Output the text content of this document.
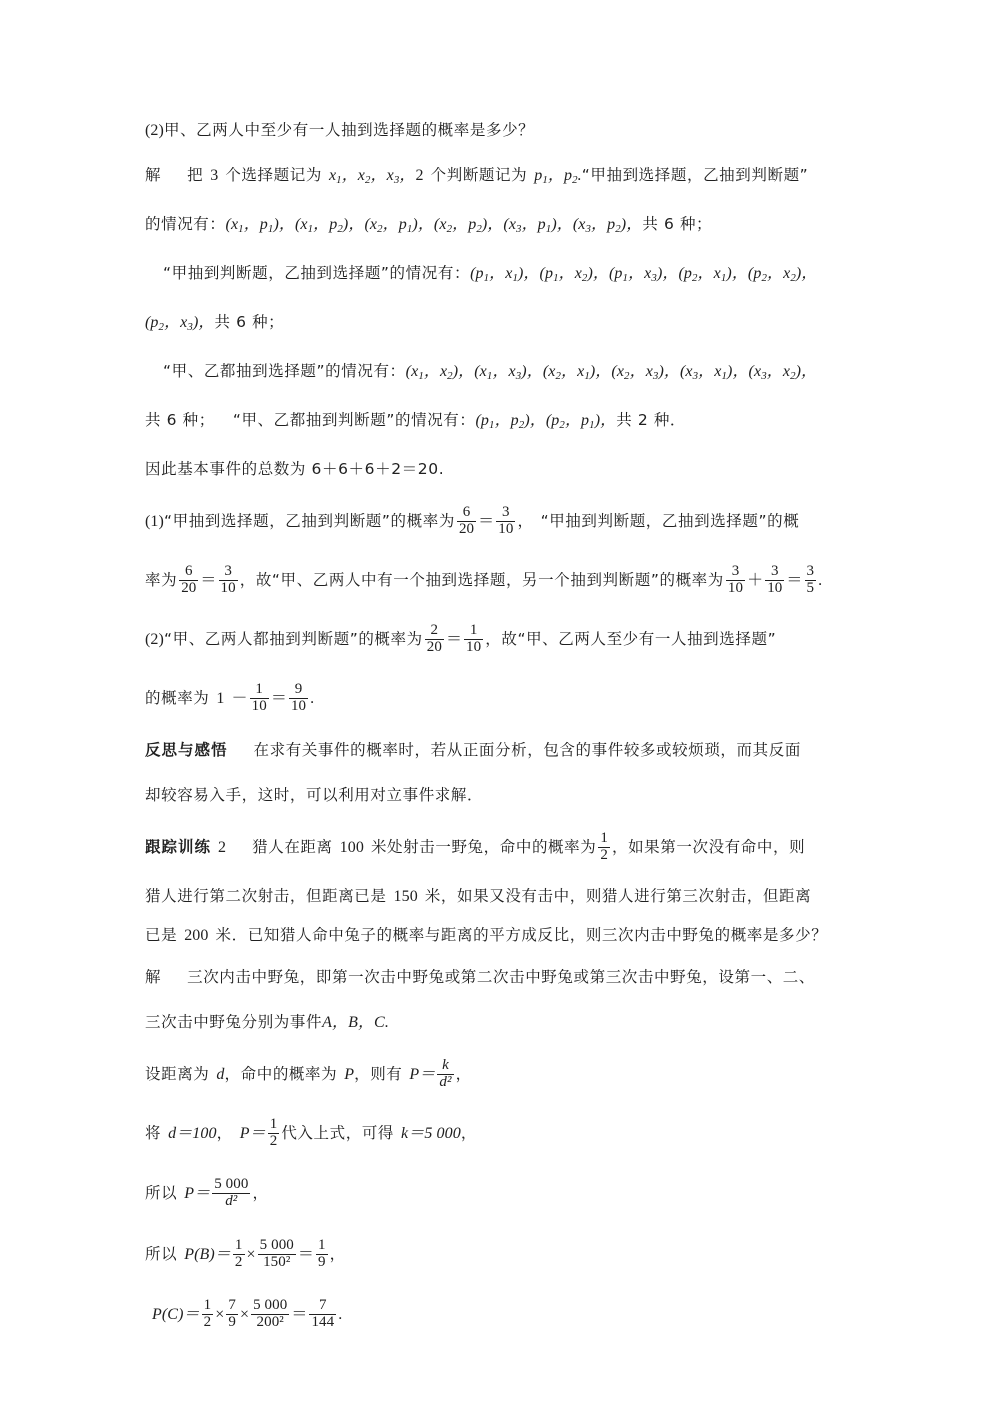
(2)甲、乙两人中至少有一人抽到选择题的概率是多少？
解 把 3 个选择题记为 $x_1$，$x_2$，$x_3$，2 个判断题记为 $p_1$，$p_2.“$甲抽到选择题，乙抽到判断题”
的情况有：($x_1$，$p_1$)，($x_1$，$p_2$)，($x_2$，$p_1$)，($x_2$，$p_2$)，($x_3$，$p_1$)，($x_3$，$p_2$)，共 6 种；
“甲抽到判断题，乙抽到选择题”的情况有：($p_1$，$x_1$)，($p_1$，$x_2$)，($p_1$，$x_3$)，($p_2$，$x_1$)，($p_2$，$x_2$)，
($p_2$，$x_3$)，共 6 种；
“甲、乙都抽到选择题”的情况有：($x_1$，$x_2$)，($x_1$，$x_3$)，($x_2$，$x_1$)，($x_2$，$x_3$)，($x_3$，$x_1$)，($x_3$，$x_2$)，
共 6 种； “甲、乙都抽到判断题”的情况有：($p_1$，$p_2$)，($p_2$，$p_1$)，共 2 种．
因此基本事件的总数为 6＋6＋6＋2＝20.
(1)“甲抽到选择题，乙抽到判断题”的概率为 $\frac{6}{20} = \frac{3}{10}$ ， “甲抽到判断题，乙抽到选择题”的概
率为 $\frac{6}{20} = \frac{3}{10}$ ，故“甲、乙两人中有一个抽到选择题，另一个抽到判断题”的概率为 $\frac{3}{10} + \frac{3}{10} = \frac{3}{5}$ .
(2)“甲、乙两人都抽到判断题”的概率为 $\frac{2}{20} = \frac{1}{10}$ ，故“甲、乙两人至少有一人抽到选择题”
的概率为 $1 - \frac{1}{10} = \frac{9}{10}$ .
反思与感悟 在求有关事件的概率时，若从正面分析，包含的事件较多或较烦琐，而其反面
却较容易入手，这时，可以利用对立事件求解．
跟踪训练 2 猎人在距离 100 米处射击一野兔，命中的概率为 $\frac{1}{2}$ ，如果第一次没有命中，则
猎人进行第二次射击，但距离已是 150 米，如果又没有击中，则猎人进行第三次射击，但距离
已是 200 米．已知猎人命中兔子的概率与距离的平方成反比，则三次内击中野兔的概率是多少？
解 三次内击中野兔，即第一次击中野兔或第二次击中野兔或第三次击中野兔，设第一、二、
三次击中野兔分别为事件A，B，C.
设距离为 d，命中的概率为 P，则有 $P= \frac{k}{\text{d²}}$ ，
将 d＝100， $P= \frac{1}{2}$ 代入上式，可得 k＝5 000，
所以 $P= \frac{5 000}{\text{d²}}$ ，
所以 $P(B)= \frac{1}{2} \times \frac{5 000}{\text{150²}} = \frac{1}{9}$ ，
$P(C)= \frac{1}{2} \times \frac{7}{9} \times \frac{5 000}{\text{200²}} = \frac{7}{144}$ .
